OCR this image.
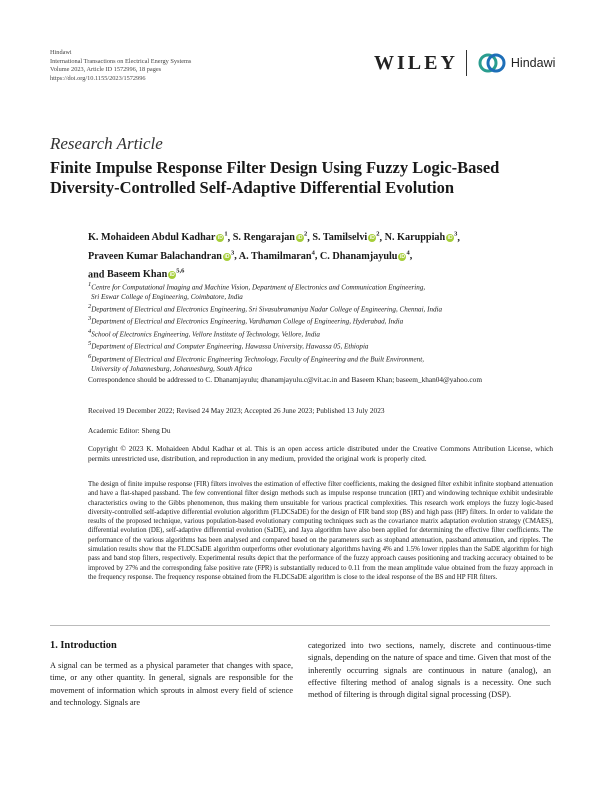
Hindawi
International Transactions on Electrical Energy Systems
Volume 2023, Article ID 1572996, 18 pages
https://doi.org/10.1155/2023/1572996
WILEY	Hindawi
Research Article
Finite Impulse Response Filter Design Using Fuzzy Logic-Based Diversity-Controlled Self-Adaptive Differential Evolution
K. Mohaideen Abdul Kadhar $iD^1$, S. Rengarajan $iD^2$, S. Tamilselvi $iD^2$, N. Karuppiah $iD^3$,
Praveen Kumar Balachandran $iD^3$, A. Thamilmaran$^4$, C. Dhanamjayulu $iD^4$,
and Baseem Khan iD$^{5,6}$
$^1$Centre for Computational Imaging and Machine Vision, Department of Electronics and Communication Engineering,
Sri Eswar College of Engineering, Coimbatore, India
$^2$Department of Electrical and Electronics Engineering, Sri Sivasubramaniya Nadar College of Engineering, Chennai, India
$^3$Department of Electrical and Electronics Engineering, Vardhaman College of Engineering, Hyderabad, India
$^4$School of Electronics Engineering, Vellore Institute of Technology, Vellore, India
$^5$Department of Electrical and Computer Engineering, Hawassa University, Hawassa 05, Ethiopia
$^6$Department of Electrical and Electronic Engineering Technology, Faculty of Engineering and the Built Environment,
University of Johannesburg, Johannesburg, South Africa
Correspondence should be addressed to C. Dhanamjayulu; dhanamjayulu.c@vit.ac.in and Baseem Khan; baseem_khan04@yahoo.com
Received 19 December 2022; Revised 24 May 2023; Accepted 26 June 2023; Published 13 July 2023
Academic Editor: Sheng Du
Copyright © 2023 K. Mohaideen Abdul Kadhar et al. This is an open access article distributed under the Creative Commons Attribution License, which permits unrestricted use, distribution, and reproduction in any medium, provided the original work is properly cited.
The design of finite impulse response (FIR) filters involves the estimation of effective filter coefficients, making the designed filter exhibit infinite stopband attenuation and have a flat-shaped passband. The few conventional filter design methods such as impulse response truncation (IRT) and windowing technique exhibit undesirable characteristics owing to the Gibbs phenomenon, thus making them unsuitable for various practical complexities. This research work employs the fuzzy logic-based diversity-controlled self-adaptive differential evolution algorithm (FLDCSaDE) for the design of FIR band stop (BS) and high pass (HP) filters. In order to validate the results of the proposed technique, various population-based evolutionary computing techniques such as the covariance matrix adaptation evolution strategy (CMAES), differential evolution (DE), self-adaptive differential evolution (SaDE), and Jaya algorithm have also been applied for determining the effective filter coefficients. The performance of the various algorithms has been analysed and compared based on the parameters such as stopband attenuation, passband attenuation, and ripples. The simulation results show that the FLDCSaDE algorithm outperforms other evolutionary algorithms having 4% and 1.5% lower ripples than the SaDE algorithm for high pass and band stop filters, respectively. Experimental results depict that the performance of the fuzzy approach causes positioning and tracking accuracy obtained to be improved by 27% and the corresponding false positive rate (FPR) is substantially reduced to 0.11 from the mean amplitude value obtained from the fuzzy approach in the frequency response. The frequency response obtained from the FLDCSaDE algorithm is close to the ideal response of the BS and HP FIR filters.
1. Introduction
A signal can be termed as a physical parameter that changes with space, time, or any other quantity. In general, signals are responsible for the movement of information which sprouts in almost every field of science and technology. Signals are
categorized into two sections, namely, discrete and continuous-time signals, depending on the nature of space and time. Given that most of the inherently occurring signals are continuous in nature (analog), an effective filtering method of analog signals is a necessity. One such method of filtering is through digital signal processing (DSP).
